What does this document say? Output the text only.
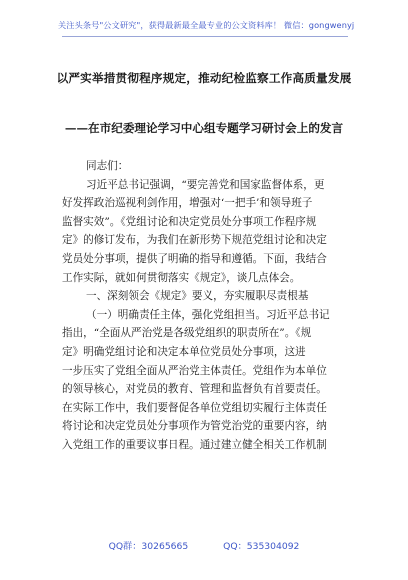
关注头条号"公文研究"，获得最新最全最专业的公文资料库！ 微信：gongwenyj
以严实举措贯彻程序规定，推动纪检监察工作高质量发展
——在市纪委理论学习中心组专题学习研讨会上的发言
同志们：
习近平总书记强调，“要完善党和国家监督体系，更
好发挥政治巡视利剑作用，增强对‘一把手’和领导班子
监督实效”。《党组讨论和决定党员处分事项工作程序规
定》的修订发布，为我们在新形势下规范党组讨论和决定
党员处分事项，提供了明确的指导和遵循。下面，我结合
工作实际，就如何贯彻落实《规定》，谈几点体会。
一、深刻领会《规定》要义，夯实履职尽责根基
（一）明确责任主体，强化党组担当。习近平总书记
指出，“全面从严治党是各级党组织的职责所在”。《规
定》明确党组讨论和决定本单位党员处分事项，这进
一步压实了党组全面从严治党主体责任。党组作为本单位
的领导核心，对党员的教育、管理和监督负有首要责任。
在实际工作中，我们要督促各单位党组切实履行主体责任
将讨论和决定党员处分事项作为管党治党的重要内容，纳
入党组工作的重要议事日程。通过建立健全相关工作机制
QQ群：30265665	QQ：535304092
